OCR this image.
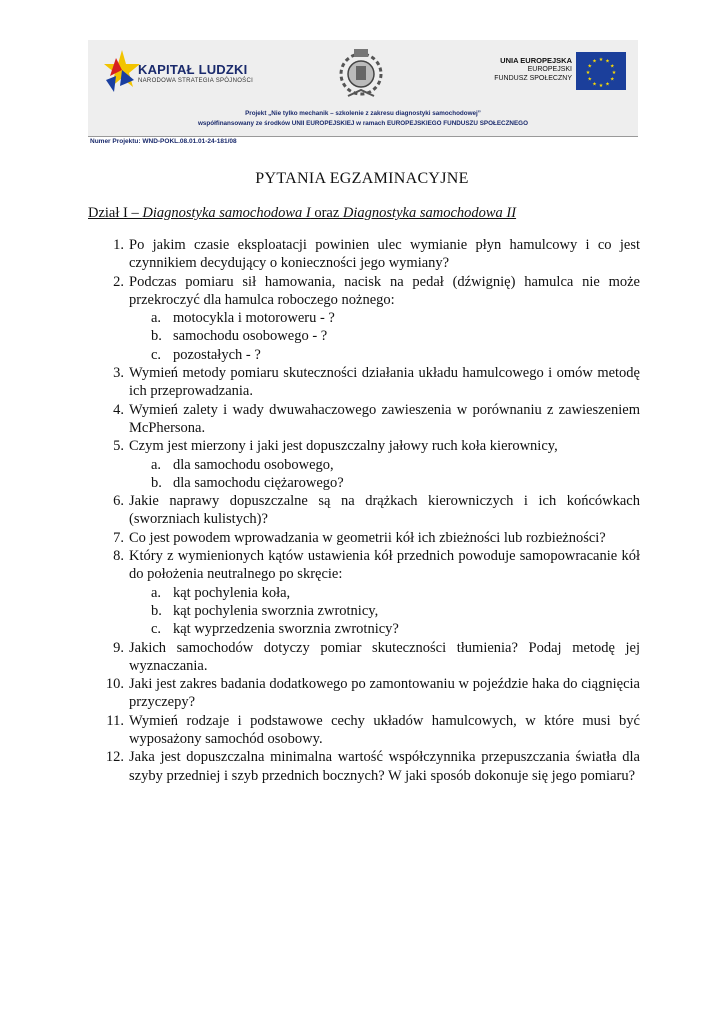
KAPITAŁ LUDZKI
NARODOWA STRATEGIA SPÓJNOŚCI
UNIA EUROPEJSKA
EUROPEJSKI
FUNDUSZ SPOŁECZNY
★ ★
★
★
★
★
★
★
★
★
★
★
Projekt „Nie tylko mechanik – szkolenie z zakresu diagnostyki samochodowej”
współfinansowany ze środków UNII EUROPEJSKIEJ w ramach EUROPEJSKIEGO FUNDUSZU SPOŁECZNEGO
Numer Projektu: WND-POKL.08.01.01-24-181/08
PYTANIA EGZAMINACYJNE
Dział I – Diagnostyka samochodowa I oraz Diagnostyka samochodowa II

1. Po jakim czasie eksploatacji powinien ulec wymianie płyn hamulcowy i co jest czynnikiem decydujący o konieczności jego wymiany?

2. Podczas pomiaru sił hamowania, nacisk na pedał (dźwignię) hamulca nie może przekroczyć dla hamulca roboczego nożnego:

a. motocykla i motoroweru - ?

b. samochodu osobowego - ?

c. pozostałych - ?

3. Wymień metody pomiaru skuteczności działania układu hamulcowego i omów metodę ich przeprowadzania.

4. Wymień zalety i wady dwuwahaczowego zawieszenia w porównaniu z zawieszeniem McPhersona.

5. Czym jest mierzony i jaki jest dopuszczalny jałowy ruch koła kierownicy,

a. dla samochodu osobowego,

b. dla samochodu ciężarowego?

6. Jakie naprawy dopuszczalne są na drążkach kierowniczych i ich końcówkach (sworzniach kulistych)?

7. Co jest powodem wprowadzania w geometrii kół ich zbieżności lub rozbieżności?

8. Który z wymienionych kątów ustawienia kół przednich powoduje samopowracanie kół do położenia neutralnego po skręcie:

a. kąt pochylenia koła,

b. kąt pochylenia sworznia zwrotnicy,

c. kąt wyprzedzenia sworznia zwrotnicy?

9. Jakich samochodów dotyczy pomiar skuteczności tłumienia? Podaj metodę jej wyznaczania.

10. Jaki jest zakres badania dodatkowego po zamontowaniu w pojeździe haka do ciągnięcia przyczepy?

11. Wymień rodzaje i podstawowe cechy układów hamulcowych, w które musi być wyposażony samochód osobowy.

12. Jaka jest dopuszczalna minimalna wartość współczynnika przepuszczania światła dla szyby przedniej i szyb przednich bocznych? W jaki sposób dokonuje się jego pomiaru?
